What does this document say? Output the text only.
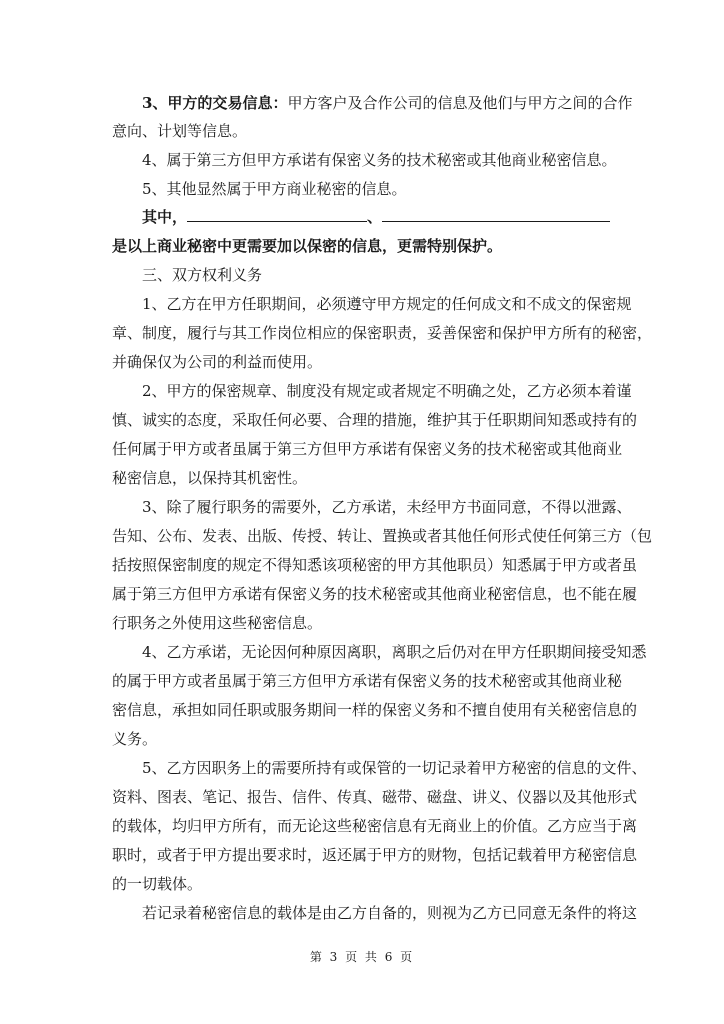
3、甲方的交易信息：甲方客户及合作公司的信息及他们与甲方之间的合作
意向、计划等信息。
4、属于第三方但甲方承诺有保密义务的技术秘密或其他商业秘密信息。
5、其他显然属于甲方商业秘密的信息。
其中，	、
是以上商业秘密中更需要加以保密的信息，更需特别保护。
三、双方权利义务
1、乙方在甲方任职期间，必须遵守甲方规定的任何成文和不成文的保密规
章、制度，履行与其工作岗位相应的保密职责，妥善保密和保护甲方所有的秘密，
并确保仅为公司的利益而使用。
2、甲方的保密规章、制度没有规定或者规定不明确之处，乙方必须本着谨
慎、诚实的态度，采取任何必要、合理的措施，维护其于任职期间知悉或持有的
任何属于甲方或者虽属于第三方但甲方承诺有保密义务的技术秘密或其他商业
秘密信息，以保持其机密性。
3、除了履行职务的需要外，乙方承诺，未经甲方书面同意，不得以泄露、
告知、公布、发表、出版、传授、转让、置换或者其他任何形式使任何第三方（包
括按照保密制度的规定不得知悉该项秘密的甲方其他职员）知悉属于甲方或者虽
属于第三方但甲方承诺有保密义务的技术秘密或其他商业秘密信息，也不能在履
行职务之外使用这些秘密信息。
4、乙方承诺，无论因何种原因离职，离职之后仍对在甲方任职期间接受知悉
的属于甲方或者虽属于第三方但甲方承诺有保密义务的技术秘密或其他商业秘
密信息，承担如同任职或服务期间一样的保密义务和不擅自使用有关秘密信息的
义务。
5、乙方因职务上的需要所持有或保管的一切记录着甲方秘密的信息的文件、
资料、图表、笔记、报告、信件、传真、磁带、磁盘、讲义、仪器以及其他形式
的载体，均归甲方所有，而无论这些秘密信息有无商业上的价值。乙方应当于离
职时，或者于甲方提出要求时，返还属于甲方的财物，包括记载着甲方秘密信息
的一切载体。
若记录着秘密信息的载体是由乙方自备的，则视为乙方已同意无条件的将这
第 3 页 共 6 页
